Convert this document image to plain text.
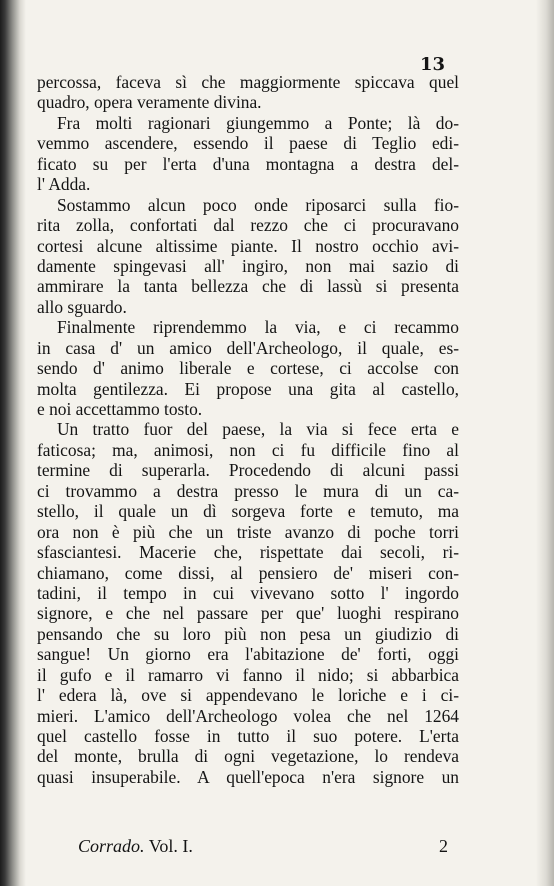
13
percossa, faceva sì che maggiormente spiccava quel
quadro, opera veramente divina.
Fra molti ragionari giungemmo a Ponte; là do-
vemmo ascendere, essendo il paese di Teglio edi-
ficato su per l'erta d'una montagna a destra del-
l' Adda.
Sostammo alcun poco onde riposarci sulla fio-
rita zolla, confortati dal rezzo che ci procuravano
cortesi alcune altissime piante. Il nostro occhio avi-
damente spingevasi all' ingiro, non mai sazio di
ammirare la tanta bellezza che di lassù si presenta
allo sguardo.
Finalmente riprendemmo la via, e ci recammo
in casa d' un amico dell'Archeologo, il quale, es-
sendo d' animo liberale e cortese, ci accolse con
molta gentilezza. Ei propose una gita al castello,
e noi accettammo tosto.
Un tratto fuor del paese, la via si fece erta e
faticosa; ma, animosi, non ci fu difficile fino al
termine di superarla. Procedendo di alcuni passi
ci trovammo a destra presso le mura di un ca-
stello, il quale un dì sorgeva forte e temuto, ma
ora non è più che un triste avanzo di poche torri
sfasciantesi. Macerie che, rispettate dai secoli, ri-
chiamano, come dissi, al pensiero de' miseri con-
tadini, il tempo in cui vivevano sotto l' ingordo
signore, e che nel passare per que' luoghi respirano
pensando che su loro più non pesa un giudizio di
sangue! Un giorno era l'abitazione de' forti, oggi
il gufo e il ramarro vi fanno il nido; si abbarbica
l' edera là, ove si appendevano le loriche e i ci-
mieri. L'amico dell'Archeologo volea che nel 1264
quel castello fosse in tutto il suo potere. L'erta
del monte, brulla di ogni vegetazione, lo rendeva
quasi insuperabile. A quell'epoca n'era signore un
Corrado. Vol. I.	2
